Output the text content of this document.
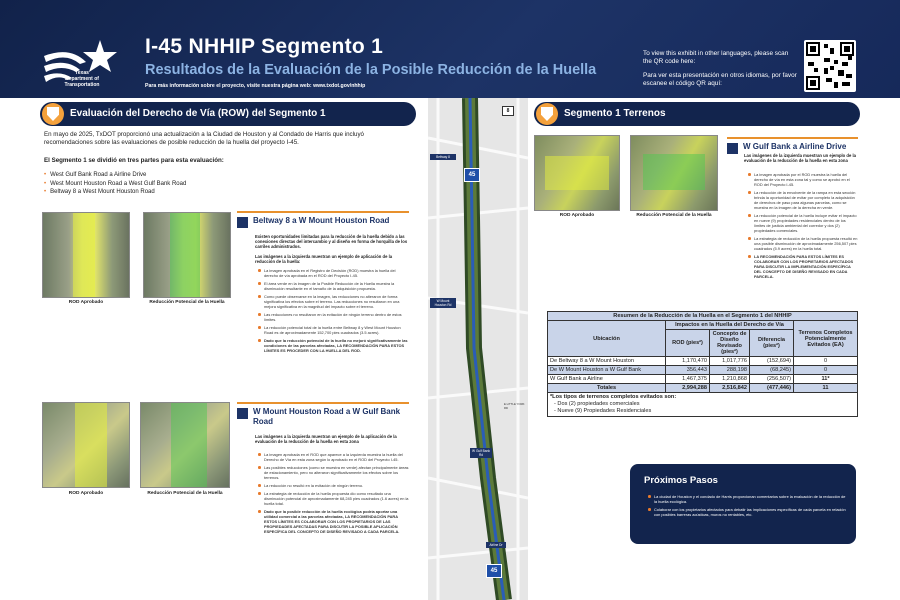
Texas Department of Transportation
I-45 NHHIP Segmento 1
Resultados de la Evaluación de la Posible Reducción de la Huella
Para más información sobre el proyecto, visite nuestra página web: www.txdot.gov/nhhip
To view this exhibit in other languages, please scan the QR code here:
Para ver esta presentación en otros idiomas, por favor escanee el código QR aquí:
Evaluación del Derecho de Vía (ROW) del Segmento 1
En mayo de 2025, TxDOT proporcionó una actualización a la Ciudad de Houston y al Condado de Harris que incluyó recomendaciones sobre las evaluaciones de posible reducción de la huella del proyecto I-45.
El Segmento 1 se dividió en tres partes para esta evaluación:
• West Gulf Bank Road a Airline Drive
• West Mount Houston Road a West Gulf Bank Road
• Beltway 8 a West Mount Houston Road
ROD Aprobado	Reducción Potencial de la Huella
Beltway 8 a W Mount Houston Road
Existen oportunidades limitadas para la reducción de la huella debido a las conexiones directas del intercambio y al diseño en forma de horquilla de los carriles administrados.
Las imágenes a la izquierda muestran un ejemplo de aplicación de la reducción de la huella:
La imagen aprobada en el Registro de Decisión (ROD) muestra la huella del derecho de vía aprobada en el ROD del Proyecto I-45.
El área verde en la imagen de la Posible Reducción de la Huella muestra la disminución resultante en el tamaño de la adquisición propuesta.
Como puede observarse en la imagen, las reducciones no alteraron de forma significativa los efectos sobre el terreno. Las reducciones no resultaron en una mejora significativa en la magnitud del impacto sobre el terreno.
Las reducciones no resultaron en la evitación de ningún terreno dentro de estos límites.
La reducción potencial total de la huella entre Beltway 8 y West Mount Houston Road es de aproximadamente 152,700 pies cuadrados (3.5 acres).
Dado que la reducción potencial de la huella no mejoró significativamente las condiciones de las parcelas afectadas, LA RECOMENDACIÓN PARA ESTOS LÍMITES ES PROCEDER CON LA HUELLA DEL ROD.
ROD Aprobado	Reducción Potencial de la Huella
W Mount Houston Road a W Gulf Bank Road
Las imágenes a la izquierda muestran un ejemplo de la aplicación de la evaluación de la reducción de la huella en esta zona
La imagen aprobada en el ROD que aparece a la izquierda muestra la huella del Derecho de Vía en esta zona según lo aprobado en el ROD del Proyecto I-45.
Las posibles reducciones (como se muestra en verde) afectan principalmente áreas de estacionamiento, pero no alteraron significativamente los efectos sobre los terrenos.
La reducción no resultó en la evitación de ningún terreno.
La estrategia de reducción de la huella propuesta dio como resultado una disminución potencial de aproximadamente 68,245 pies cuadrados (1.6 acres) en la huella total.
Dado que la posible reducción de la huella ecológica podría aportar una utilidad comercial a las parcelas afectadas, LA RECOMENDACIÓN PARA ESTOS LÍMITES ES COLABORAR CON LOS PROPIETARIOS DE LAS PROPIEDADES AFECTADAS PARA DISCUTIR LA POSIBLE APLICACIÓN ESPECÍFICA DEL CONCEPTO DE DISEÑO REVISADO A CADA PARCELA.
8
45
Beltway 8
W Mount Houston Rd
W Gulf Bank Rd
E LITTLE YORK RD
Airline Dr
45
Segmento 1 Terrenos
ROD Aprobado	Reducción Potencial de la Huella
W Gulf Bank a Airline Drive
Las imágenes de la izquierda muestran un ejemplo de la evaluación de la reducción de la huella en esta zona
La imagen aprobada por el ROD muestra la huella del derecho de vía en esta zona tal y como se aprobó en el ROD del Proyecto I-45.
La reducción de la envolvente de la rampa en esta sección brinda la oportunidad de evitar por completo la adquisición de derechos de paso para algunas parcelas, como se muestra en la imagen de la derecha en verde.
La reducción potencial de la huella incluye evitar el impacto en nueve (9) propiedades residenciales dentro de los límites de justicia ambiental del corredor y dos (2) propiedades comerciales.
La estrategia de reducción de la huella propuesta resultó en una posible disminución de aproximadamente 256,507 pies cuadrados (5.9 acres) en la huella total.
LA RECOMENDACIÓN PARA ESTOS LÍMITES ES COLABORAR CON LOS PROPIETARIOS AFECTADOS PARA DISCUTIR LA IMPLEMENTACIÓN ESPECÍFICA DEL CONCEPTO DE DISEÑO REVISADO EN CADA PARCELA.
Resumen de la Reducción de la Huella en el Segmento 1 del NHHIP				
Ubicación	Impactos en la Huella del Derecho de Vía			Terrenos Completos Potencialmente Evitados (EA)
	ROD (pies²)	Concepto de Diseño Revisado (pies²)	Diferencia (pies²)	
De Beltway 8 a W Mount Houston	1,170,470	1,017,776	(152,694)	0
De W Mount Houston a W Gulf Bank	356,443	288,198	(68,245)	0
W Gulf Bank a Airline	1,467,375	1,210,868	(256,507)	11*
Totales	2,994,288	2,516,842	(477,446)	11

*Los tipos de terrenos completos evitados son:
- Dos (2) propiedades comerciales
- Nueve (9) Propiedades Residenciales				
Próximos Pasos
La ciudad de Houston y el condado de Harris proporcionan comentarios sobre la evaluación de la reducción de la huella ecológica.
Colaborar con los propietarios afectados para debatir las implicaciones específicas de cada parcela en relación con posibles barreras acústicas, muros no rentables, etc.
